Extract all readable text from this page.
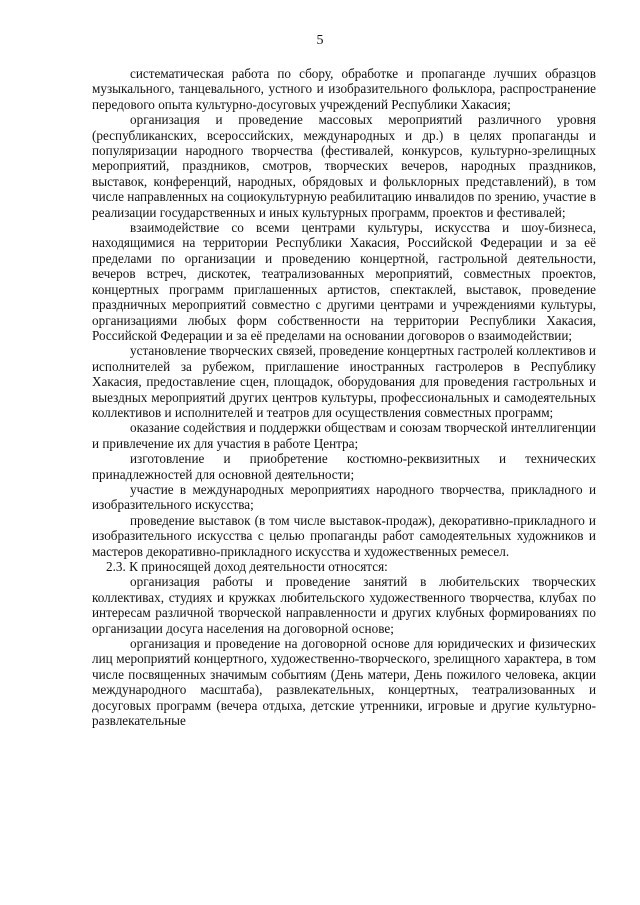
5

систематическая работа по сбору, обработке и пропаганде лучших образцов музыкального, танцевального, устного и изобразительного фольклора, распространение передового опыта культурно-досуговых учреждений Республики Хакасия;

организация и проведение массовых мероприятий различного уровня (республиканских, всероссийских, международных и др.) в целях пропаганды и популяризации народного творчества (фестивалей, конкурсов, культурно-зрелищных мероприятий, праздников, смотров, творческих вечеров, народных праздников, выставок, конференций, народных, обрядовых и фольклорных представлений), в том числе направленных на социокультурную реабилитацию инвалидов по зрению, участие в реализации государственных и иных культурных программ, проектов и фестивалей;

взаимодействие со всеми центрами культуры, искусства и шоу-бизнеса, находящимися на территории Республики Хакасия, Российской Федерации и за её пределами по организации и проведению концертной, гастрольной деятельности, вечеров встреч, дискотек, театрализованных мероприятий, совместных проектов, концертных программ приглашенных артистов, спектаклей, выставок, проведение праздничных мероприятий совместно с другими центрами и учреждениями культуры, организациями любых форм собственности на территории Республики Хакасия, Российской Федерации и за её пределами на основании договоров о взаимодействии;

установление творческих связей, проведение концертных гастролей коллективов и исполнителей за рубежом, приглашение иностранных гастролеров в Республику Хакасия, предоставление сцен, площадок, оборудования для проведения гастрольных и выездных мероприятий других центров культуры, профессиональных и самодеятельных коллективов и исполнителей и театров для осуществления совместных программ;

оказание содействия и поддержки обществам и союзам творческой интеллигенции и привлечение их для участия в работе Центра;

изготовление и приобретение костюмно-реквизитных и технических принадлежностей для основной деятельности;

участие в международных мероприятиях народного творчества, прикладного и изобразительного искусства;

проведение выставок (в том числе выставок-продаж), декоративно-прикладного и изобразительного искусства с целью пропаганды работ самодеятельных художников и мастеров декоративно-прикладного искусства и художественных ремесел.

2.3. К приносящей доход деятельности относятся:

организация работы и проведение занятий в любительских творческих коллективах, студиях и кружках любительского художественного творчества, клубах по интересам различной творческой направленности и других клубных формированиях по организации досуга населения на договорной основе;

организация и проведение на договорной основе для юридических и физических лиц мероприятий концертного, художественно-творческого, зрелищного характера, в том числе посвященных значимым событиям (День матери, День пожилого человека, акции международного масштаба), развлекательных, концертных, театрализованных и досуговых программ (вечера отдыха, детские утренники, игровые и другие культурно-развлекательные
